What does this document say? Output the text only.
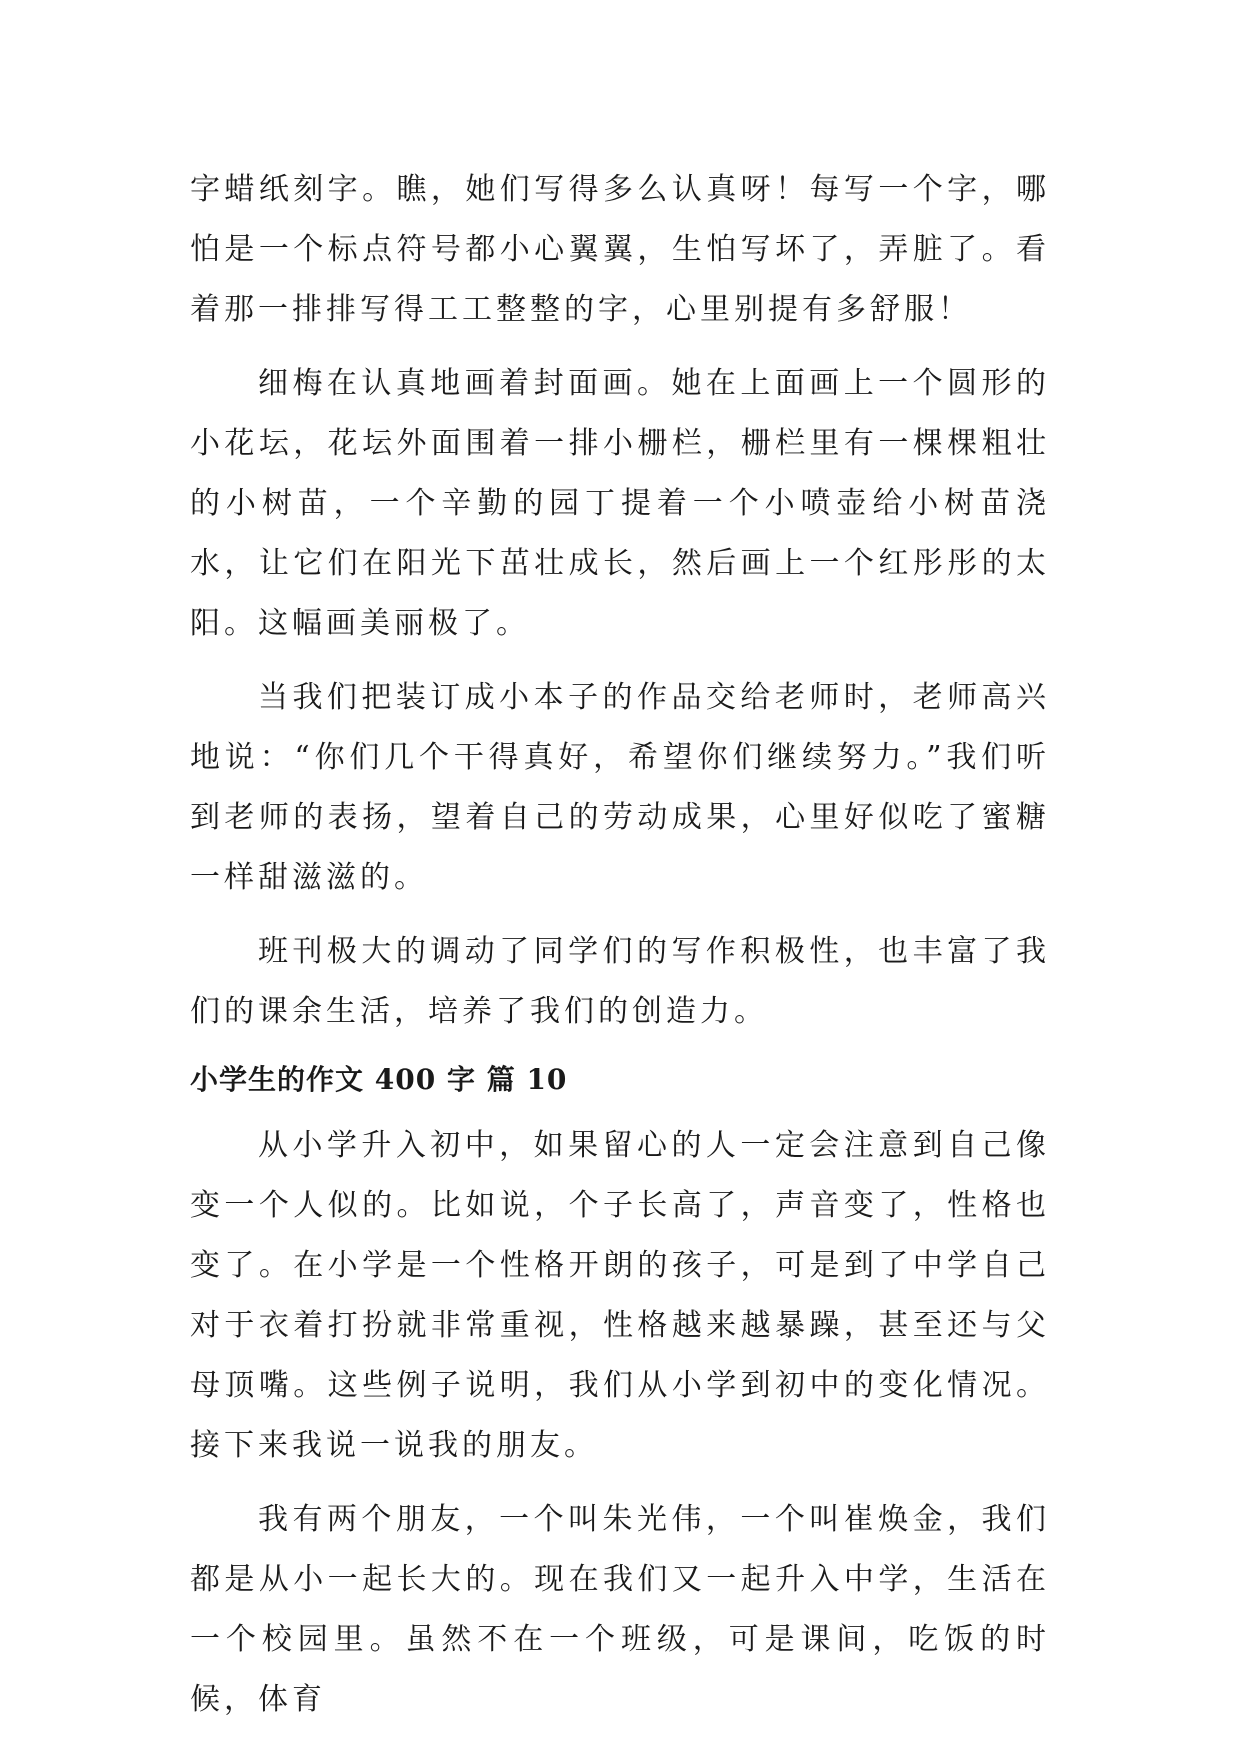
字蜡纸刻字。瞧，她们写得多么认真呀！每写一个字，哪怕是一个标点符号都小心翼翼，生怕写坏了，弄脏了。看着那一排排写得工工整整的字，心里别提有多舒服！

细梅在认真地画着封面画。她在上面画上一个圆形的小花坛，花坛外面围着一排小栅栏，栅栏里有一棵棵粗壮的小树苗，一个辛勤的园丁提着一个小喷壶给小树苗浇水，让它们在阳光下茁壮成长，然后画上一个红彤彤的太阳。这幅画美丽极了。

当我们把装订成小本子的作品交给老师时，老师高兴地说：“你们几个干得真好，希望你们继续努力。”我们听到老师的表扬，望着自己的劳动成果，心里好似吃了蜜糖一样甜滋滋的。

班刊极大的调动了同学们的写作积极性，也丰富了我们的课余生活，培养了我们的创造力。

小学生的作文 400 字 篇 10

从小学升入初中，如果留心的人一定会注意到自己像变一个人似的。比如说，个子长高了，声音变了，性格也变了。在小学是一个性格开朗的孩子，可是到了中学自己对于衣着打扮就非常重视，性格越来越暴躁，甚至还与父母顶嘴。这些例子说明，我们从小学到初中的变化情况。接下来我说一说我的朋友。

我有两个朋友，一个叫朱光伟，一个叫崔焕金，我们都是从小一起长大的。现在我们又一起升入中学，生活在一个校园里。虽然不在一个班级，可是课间，吃饭的时候，体育
